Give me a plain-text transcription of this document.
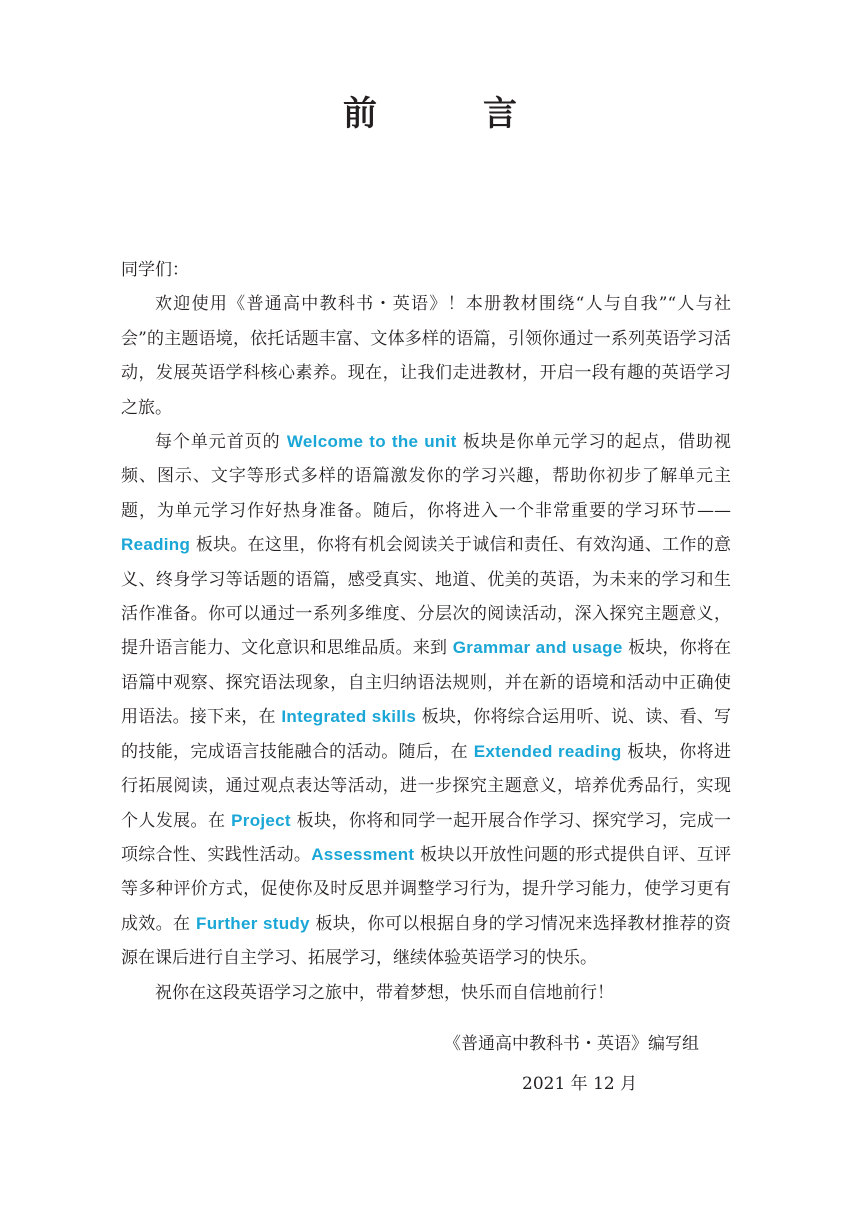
前　言

同学们：

欢迎使用《普通高中教科书・英语》！本册教材围绕“人与自我”“人与社会”的主题语境，依托话题丰富、文体多样的语篇，引领你通过一系列英语学习活动，发展英语学科核心素养。现在，让我们走进教材，开启一段有趣的英语学习之旅。

每个单元首页的 Welcome to the unit 板块是你单元学习的起点，借助视频、图示、文字等形式多样的语篇激发你的学习兴趣，帮助你初步了解单元主题，为单元学习作好热身准备。随后，你将进入一个非常重要的学习环节——Reading 板块。在这里，你将有机会阅读关于诚信和责任、有效沟通、工作的意义、终身学习等话题的语篇，感受真实、地道、优美的英语，为未来的学习和生活作准备。你可以通过一系列多维度、分层次的阅读活动，深入探究主题意义，提升语言能力、文化意识和思维品质。来到 Grammar and usage 板块，你将在语篇中观察、探究语法现象，自主归纳语法规则，并在新的语境和活动中正确使用语法。接下来，在 Integrated skills 板块，你将综合运用听、说、读、看、写的技能，完成语言技能融合的活动。随后，在 Extended reading 板块，你将进行拓展阅读，通过观点表达等活动，进一步探究主题意义，培养优秀品行，实现个人发展。在 Project 板块，你将和同学一起开展合作学习、探究学习，完成一项综合性、实践性活动。Assessment 板块以开放性问题的形式提供自评、互评等多种评价方式，促使你及时反思并调整学习行为，提升学习能力，使学习更有成效。在 Further study 板块，你可以根据自身的学习情况来选择教材推荐的资源在课后进行自主学习、拓展学习，继续体验英语学习的快乐。

祝你在这段英语学习之旅中，带着梦想，快乐而自信地前行！

《普通高中教科书・英语》编写组
2021 年 12 月
